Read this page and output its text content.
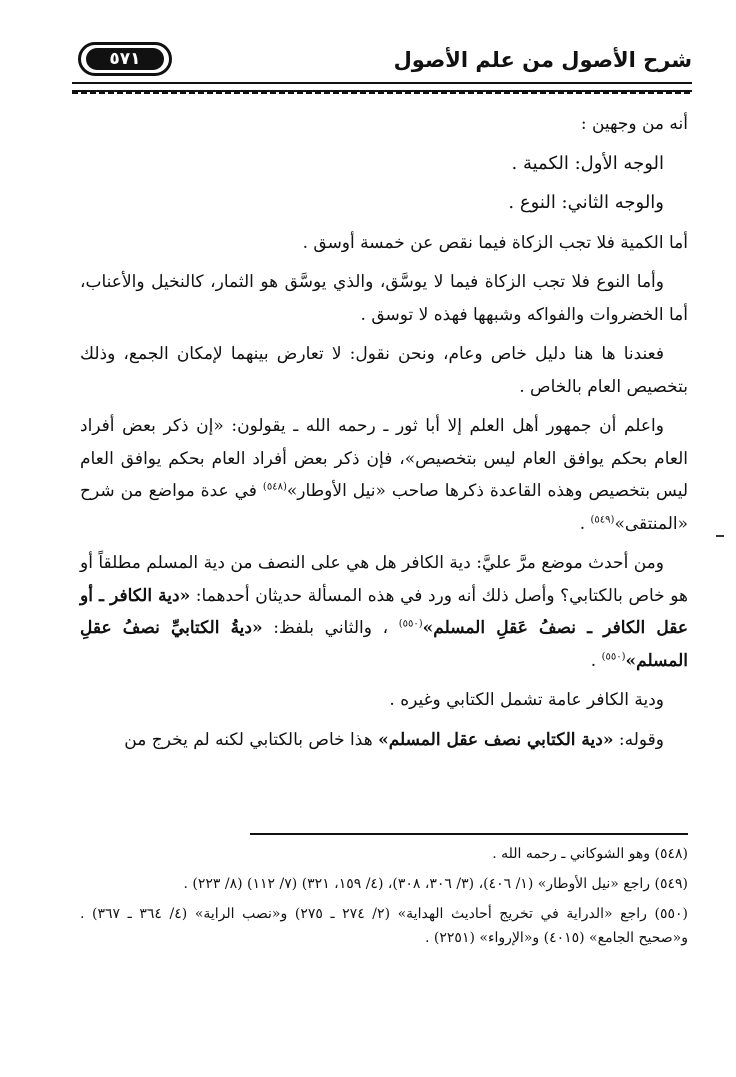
٥٧١	شرح الأصول من علم الأصول

أنه من وجهين :

الوجه الأول: الكمية .

والوجه الثاني: النوع .

أما الكمية فلا تجب الزكاة فيما نقص عن خمسة أوسق .

وأما النوع فلا تجب الزكاة فيما لا يوسَّق، والذي يوسَّق هو الثمار، كالنخيل والأعناب، أما الخضروات والفواكه وشبهها فهذه لا توسق .

فعندنا ها هنا دليل خاص وعام، ونحن نقول: لا تعارض بينهما لإمكان الجمع، وذلك بتخصيص العام بالخاص .

واعلم أن جمهور أهل العلم إلا أبا ثور ـ رحمه الله ـ يقولون: «إن ذكر بعض أفراد العام بحكم يوافق العام ليس بتخصيص»، فإن ذكر بعض أفراد العام بحكم يوافق العام ليس بتخصيص وهذه القاعدة ذكرها صاحب «نيل الأوطار»$^{(٥٤٨)}$ في عدة مواضع من شرح «المنتقى»$^{(٥٤٩)}$ .

ومن أحدث موضع مرَّ عليَّ: دية الكافر هل هي على النصف من دية المسلم مطلقاً أو هو خاص بالكتابي؟ وأصل ذلك أنه ورد في هذه المسألة حديثان أحدهما: «دية الكافر ـ أو عقل الكافر ـ نصفُ عَقلِ المسلم»$^{(٥٥٠)}$ ، والثاني بلفظ: «ديةُ الكتابيِّ نصفُ عقلِ المسلم»$^{(٥٥٠)}$ .

ودية الكافر عامة تشمل الكتابي وغيره .

وقوله: «دية الكتابي نصف عقل المسلم» هذا خاص بالكتابي لكنه لم يخرج من

(٥٤٨) وهو الشوكاني ـ رحمه الله .

(٥٤٩) راجع «نيل الأوطار» (١/ ٤٠٦)، (٣/ ٣٠٦، ٣٠٨)، (٤/ ١٥٩، ٣٢١) (٧/ ١١٢) (٨/ ٢٢٣) .

(٥٥٠) راجع «الدراية في تخريج أحاديث الهداية» (٢/ ٢٧٤ ـ ٢٧٥) و«نصب الراية» (٤/ ٣٦٤ ـ ٣٦٧) . و«صحيح الجامع» (٤٠١٥) و«الإرواء» (٢٢٥١) .
